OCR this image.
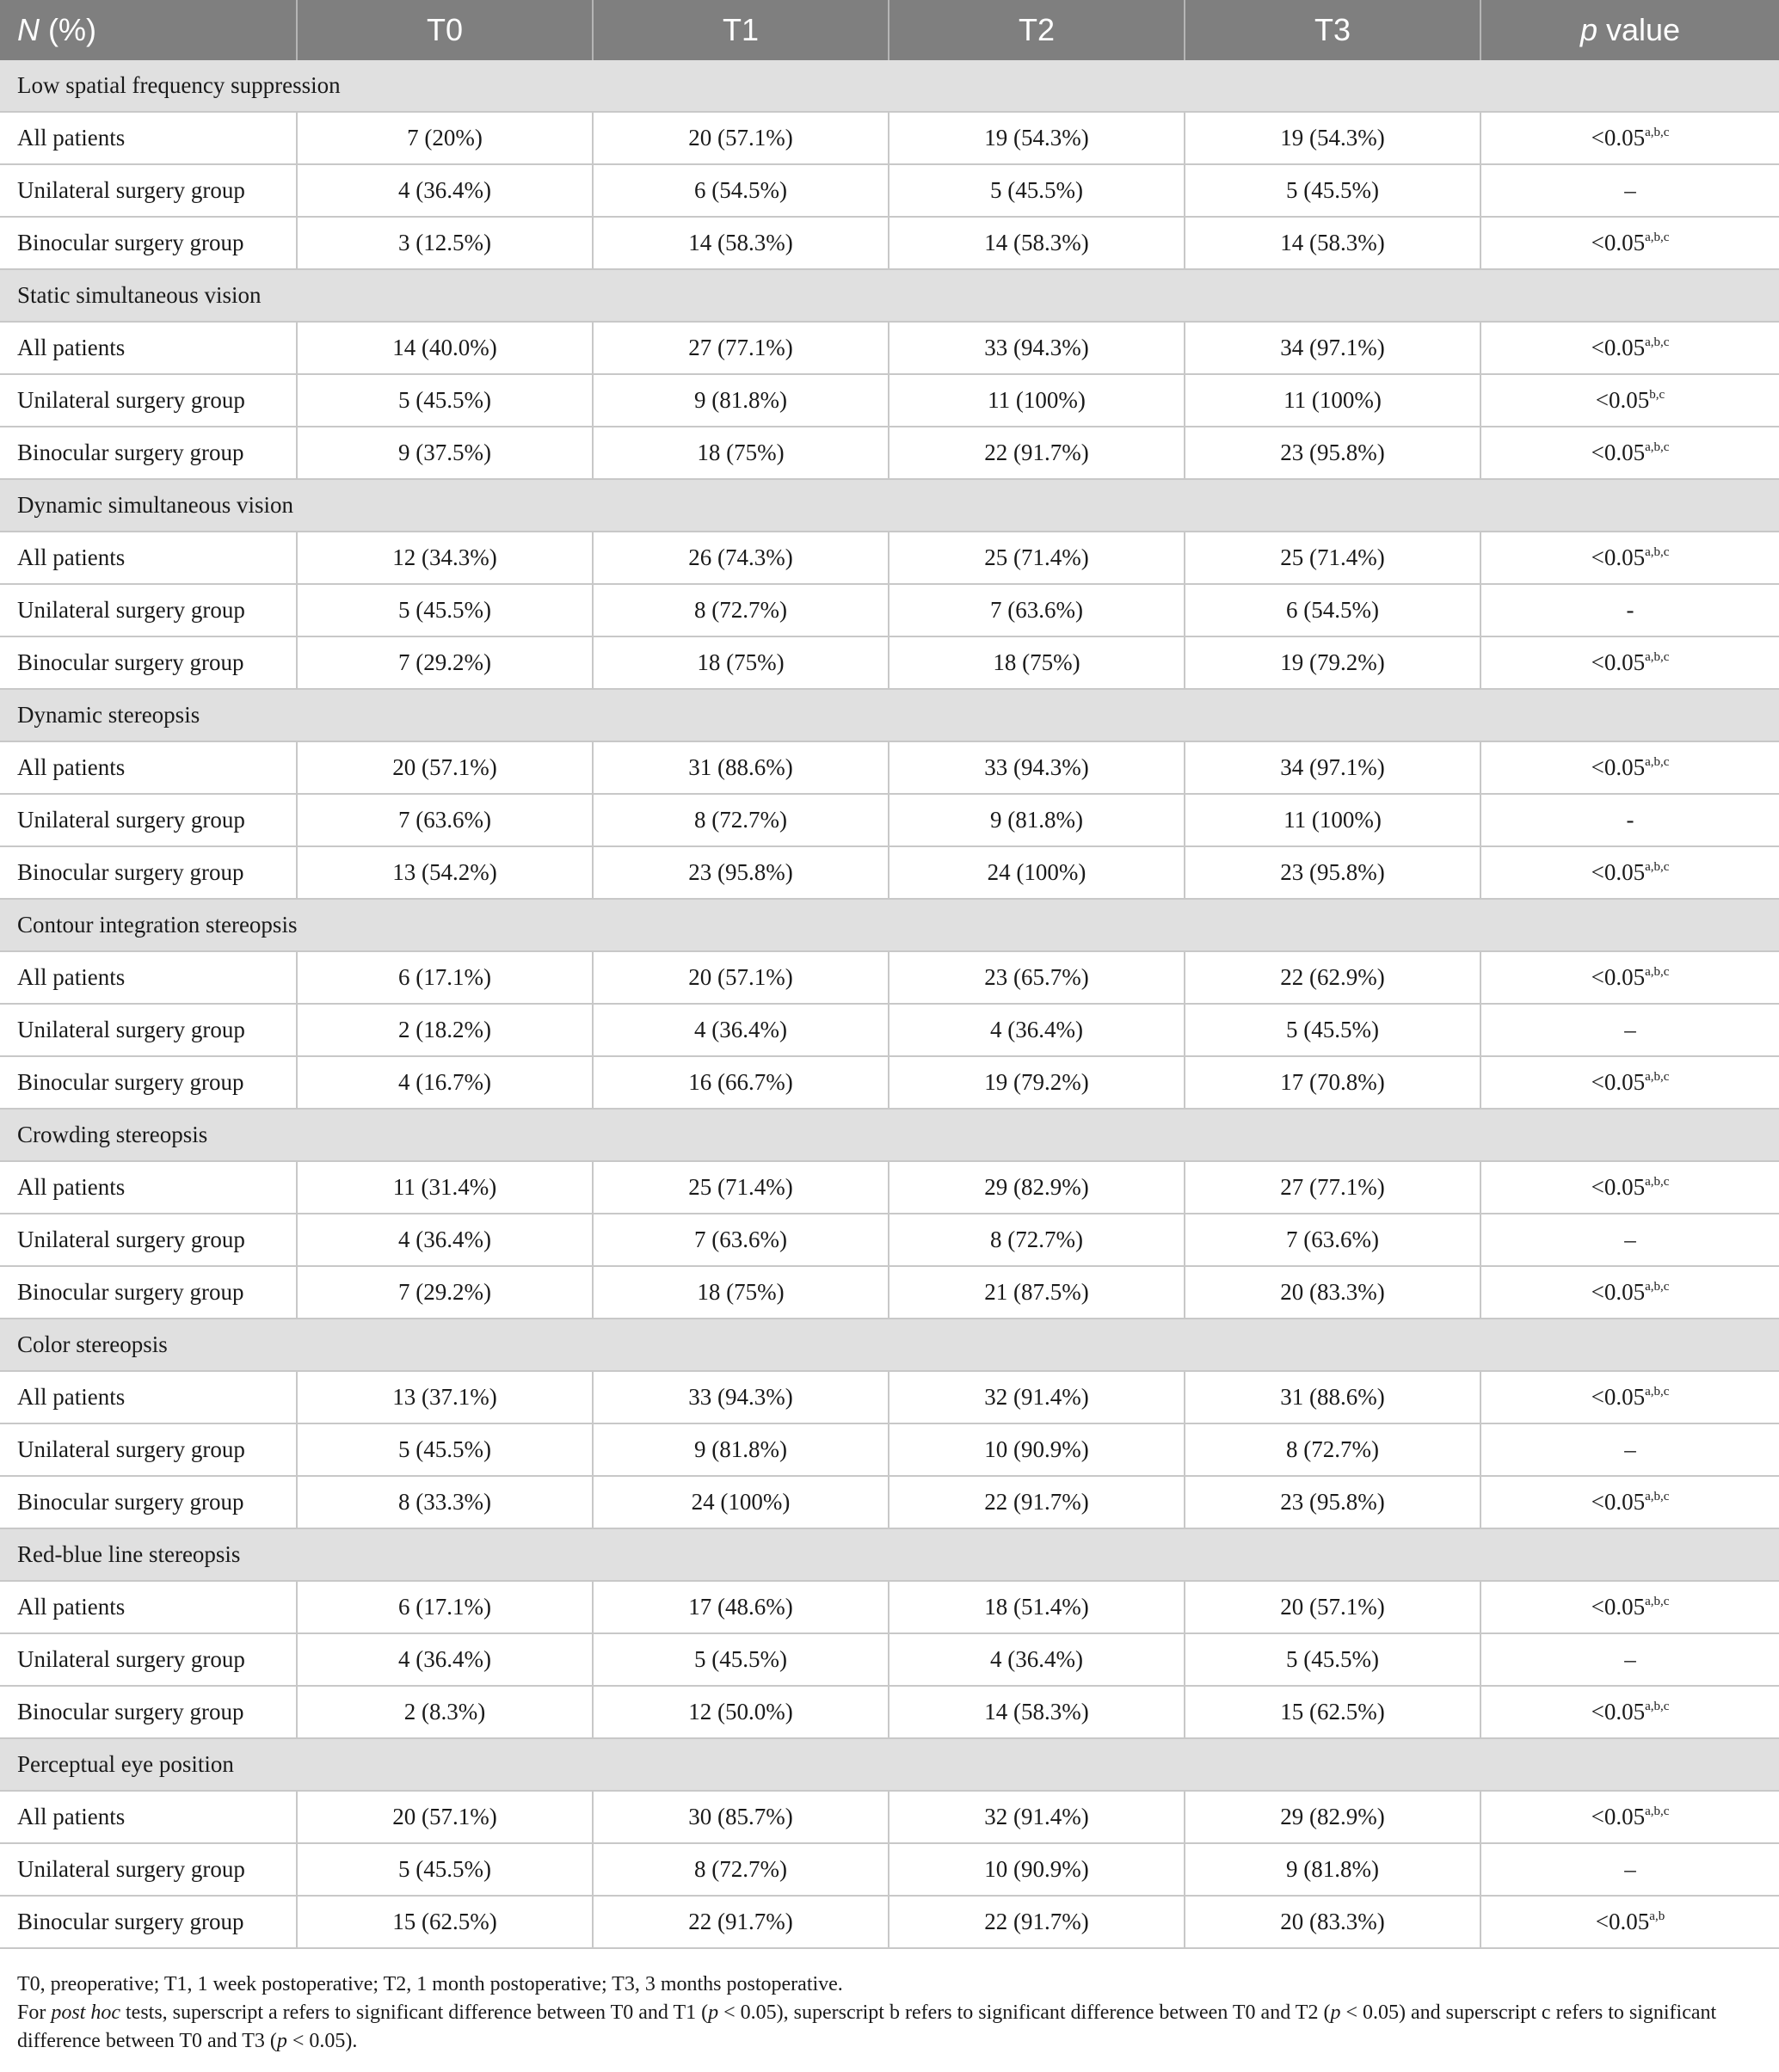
N (%)	T0	T1	T2	T3	p value
Low spatial frequency suppression					
All patients	7 (20%)	20 (57.1%)	19 (54.3%)	19 (54.3%)	$<0.05^{a,b,c}$
Unilateral surgery group	4 (36.4%)	6 (54.5%)	5 (45.5%)	5 (45.5%)	–
Binocular surgery group	3 (12.5%)	14 (58.3%)	14 (58.3%)	14 (58.3%)	$<0.05^{a,b,c}$
Static simultaneous vision					
All patients	14 (40.0%)	27 (77.1%)	33 (94.3%)	34 (97.1%)	$<0.05^{a,b,c}$
Unilateral surgery group	5 (45.5%)	9 (81.8%)	11 (100%)	11 (100%)	$<0.05^{b,c}$
Binocular surgery group	9 (37.5%)	18 (75%)	22 (91.7%)	23 (95.8%)	$<0.05^{a,b,c}$
Dynamic simultaneous vision					
All patients	12 (34.3%)	26 (74.3%)	25 (71.4%)	25 (71.4%)	$<0.05^{a,b,c}$
Unilateral surgery group	5 (45.5%)	8 (72.7%)	7 (63.6%)	6 (54.5%)	-
Binocular surgery group	7 (29.2%)	18 (75%)	18 (75%)	19 (79.2%)	$<0.05^{a,b,c}$
Dynamic stereopsis					
All patients	20 (57.1%)	31 (88.6%)	33 (94.3%)	34 (97.1%)	$<0.05^{a,b,c}$
Unilateral surgery group	7 (63.6%)	8 (72.7%)	9 (81.8%)	11 (100%)	-
Binocular surgery group	13 (54.2%)	23 (95.8%)	24 (100%)	23 (95.8%)	$<0.05^{a,b,c}$
Contour integration stereopsis					
All patients	6 (17.1%)	20 (57.1%)	23 (65.7%)	22 (62.9%)	$<0.05^{a,b,c}$
Unilateral surgery group	2 (18.2%)	4 (36.4%)	4 (36.4%)	5 (45.5%)	–
Binocular surgery group	4 (16.7%)	16 (66.7%)	19 (79.2%)	17 (70.8%)	$<0.05^{a,b,c}$
Crowding stereopsis					
All patients	11 (31.4%)	25 (71.4%)	29 (82.9%)	27 (77.1%)	$<0.05^{a,b,c}$
Unilateral surgery group	4 (36.4%)	7 (63.6%)	8 (72.7%)	7 (63.6%)	–
Binocular surgery group	7 (29.2%)	18 (75%)	21 (87.5%)	20 (83.3%)	$<0.05^{a,b,c}$
Color stereopsis					
All patients	13 (37.1%)	33 (94.3%)	32 (91.4%)	31 (88.6%)	$<0.05^{a,b,c}$
Unilateral surgery group	5 (45.5%)	9 (81.8%)	10 (90.9%)	8 (72.7%)	–
Binocular surgery group	8 (33.3%)	24 (100%)	22 (91.7%)	23 (95.8%)	$<0.05^{a,b,c}$
Red-blue line stereopsis					
All patients	6 (17.1%)	17 (48.6%)	18 (51.4%)	20 (57.1%)	$<0.05^{a,b,c}$
Unilateral surgery group	4 (36.4%)	5 (45.5%)	4 (36.4%)	5 (45.5%)	–
Binocular surgery group	2 (8.3%)	12 (50.0%)	14 (58.3%)	15 (62.5%)	$<0.05^{a,b,c}$
Perceptual eye position					
All patients	20 (57.1%)	30 (85.7%)	32 (91.4%)	29 (82.9%)	$<0.05^{a,b,c}$
Unilateral surgery group	5 (45.5%)	8 (72.7%)	10 (90.9%)	9 (81.8%)	–
Binocular surgery group	15 (62.5%)	22 (91.7%)	22 (91.7%)	20 (83.3%)	$<0.05^{a,b}$

T0, preoperative; T1, 1 week postoperative; T2, 1 month postoperative; T3, 3 months postoperative.

For post hoc tests, superscript a refers to significant difference between T0 and T1 (p < 0.05), superscript b refers to significant difference between T0 and T2 (p < 0.05) and superscript c refers to significant difference between T0 and T3 (p < 0.05).
